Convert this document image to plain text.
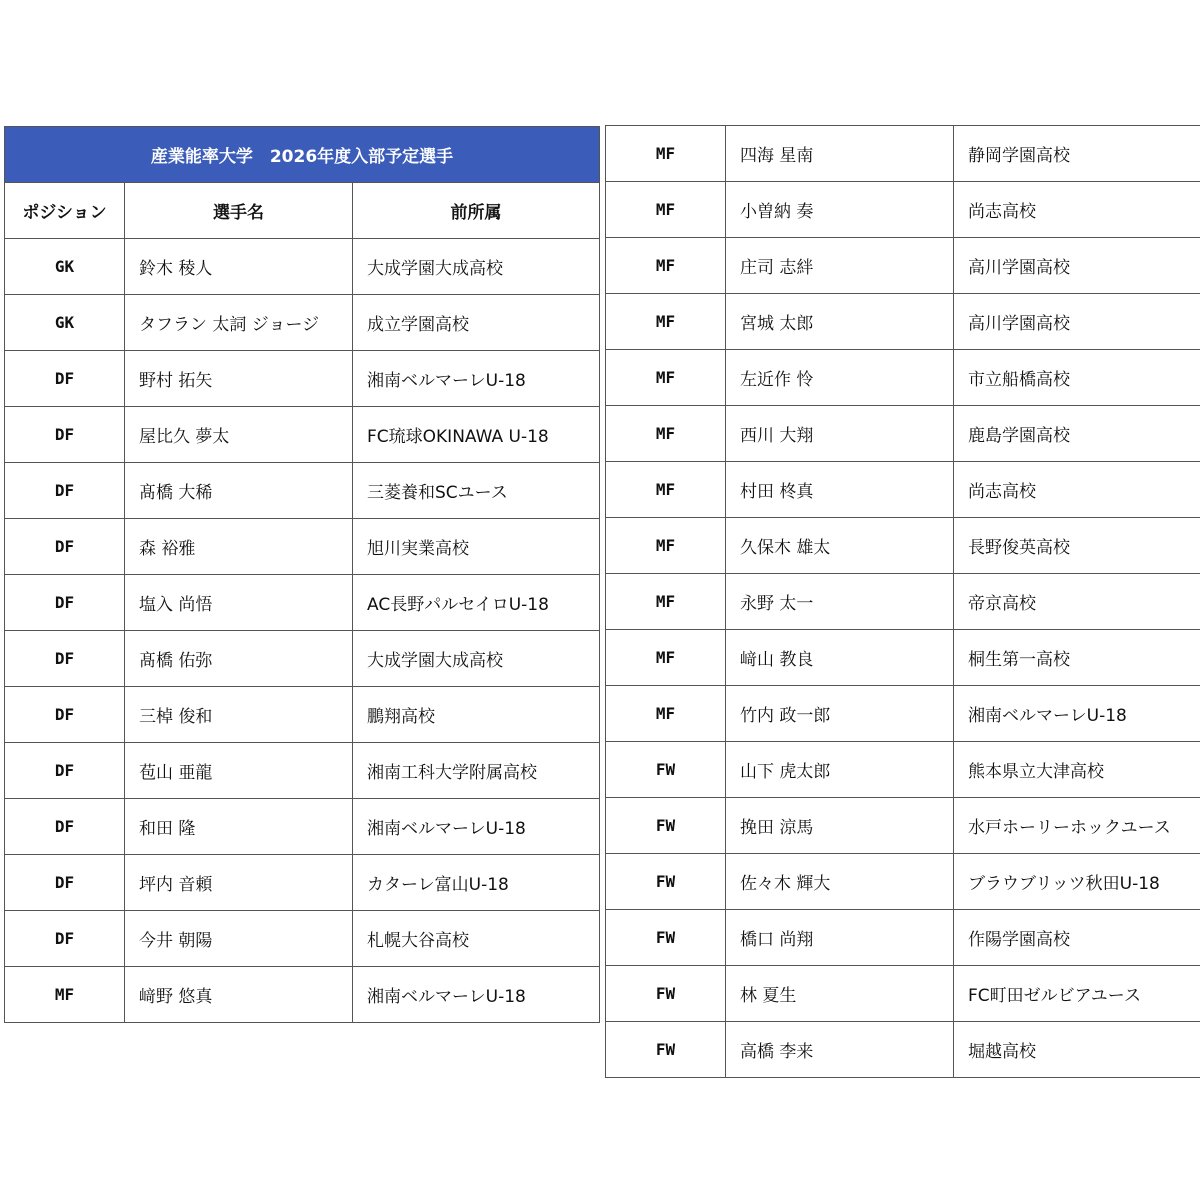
産業能率大学　2026年度入部予定選手		
ポジション	選手名	前所属
GK	鈴木 稜人	大成学園大成高校
GK	タフラン 太詞 ジョージ	成立学園高校
DF	野村 拓矢	湘南ベルマーレU-18
DF	屋比久 夢太	FC琉球OKINAWA U-18
DF	髙橋 大稀	三菱養和SCユース
DF	森 裕雅	旭川実業高校
DF	塩入 尚悟	AC長野パルセイロU-18
DF	髙橋 佑弥	大成学園大成高校
DF	三棹 俊和	鵬翔高校
DF	苞山 亜龍	湘南工科大学附属高校
DF	和田 隆	湘南ベルマーレU-18
DF	坪内 音頼	カターレ富山U-18
DF	今井 朝陽	札幌大谷高校
MF	﨑野 悠真	湘南ベルマーレU-18
MF	四海 星南	静岡学園高校
MF	小曽納 奏	尚志高校
MF	庄司 志絆	高川学園高校
MF	宮城 太郎	高川学園高校
MF	左近作 怜	市立船橋高校
MF	西川 大翔	鹿島学園高校
MF	村田 柊真	尚志高校
MF	久保木 雄太	長野俊英高校
MF	永野 太一	帝京高校
MF	﨑山 教良	桐生第一高校
MF	竹内 政一郎	湘南ベルマーレU-18
FW	山下 虎太郎	熊本県立大津高校
FW	挽田 涼馬	水戸ホーリーホックユース
FW	佐々木 輝大	ブラウブリッツ秋田U-18
FW	橋口 尚翔	作陽学園高校
FW	林 夏生	FC町田ゼルビアユース
FW	高橋 李来	堀越高校
